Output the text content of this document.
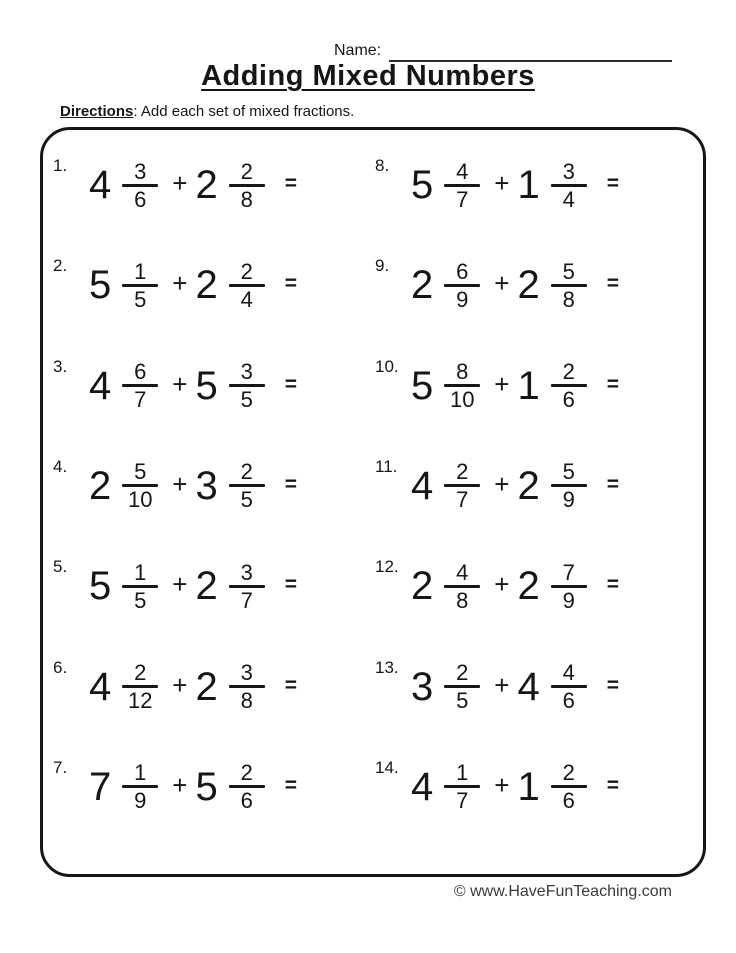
Name:
Adding Mixed Numbers
Directions: Add each set of mixed fractions.
1. $4 \frac{3}{6} + 2 \frac{2}{8}$ =
2. $5 \frac{1}{5} + 2 \frac{2}{4}$ =
3. $4 \frac{6}{7} + 5 \frac{3}{5}$ =
4. $2 \frac{5}{10} + 3 \frac{2}{5}$ =
5. $5 \frac{1}{5} + 2 \frac{3}{7}$ =
6. $4 \frac{2}{12} + 2 \frac{3}{8}$ =
7. $7 \frac{1}{9} + 5 \frac{2}{6}$ =
8. $5 \frac{4}{7} + 1 \frac{3}{4}$ =
9. $2 \frac{6}{9} + 2 \frac{5}{8}$ =
10. $5 \frac{8}{10} + 1 \frac{2}{6}$ =
11. $4 \frac{2}{7} + 2 \frac{5}{9}$ =
12. $2 \frac{4}{8} + 2 \frac{7}{9}$ =
13. $3 \frac{2}{5} + 4 \frac{4}{6}$ =
14. $4 \frac{1}{7} + 1 \frac{2}{6}$ =
© www.HaveFunTeaching.com
